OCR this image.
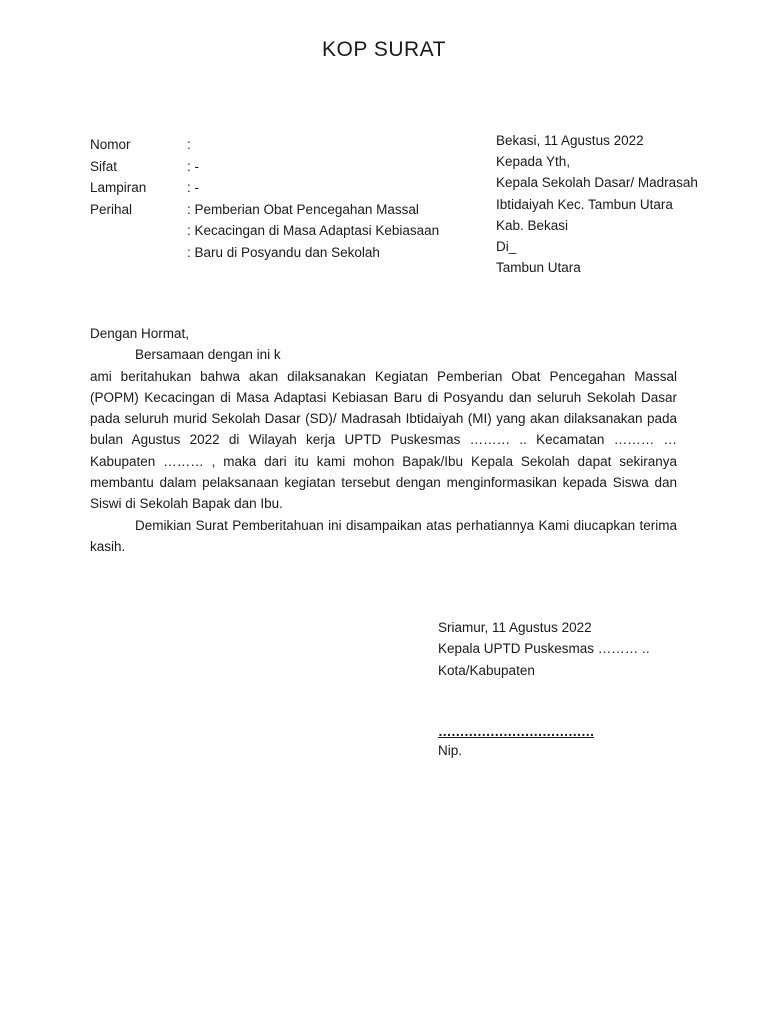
KOP SURAT
Nomor	:
Sifat	: -
Lampiran	: -
Perihal	: Pemberian Obat Pencegahan Massal
: Kecacingan di Masa Adaptasi Kebiasaan
: Baru di Posyandu dan Sekolah
Bekasi, 11 Agustus 2022
Kepada Yth,
Kepala Sekolah Dasar/ Madrasah
Ibtidaiyah Kec. Tambun Utara
Kab. Bekasi
Di_
Tambun Utara

Dengan Hormat,

Bersamaan dengan ini k

ami beritahukan bahwa akan dilaksanakan Kegiatan Pemberian Obat Pencegahan Massal (POPM) Kecacingan di Masa Adaptasi Kebiasan Baru di Posyandu dan seluruh Sekolah Dasar pada seluruh murid Sekolah Dasar (SD)/ Madrasah Ibtidaiyah (MI) yang akan dilaksanakan pada bulan Agustus 2022 di Wilayah kerja UPTD Puskesmas ……… .. Kecamatan ……… … Kabupaten ……… , maka dari itu kami mohon Bapak/Ibu Kepala Sekolah dapat sekiranya membantu dalam pelaksanaan kegiatan tersebut dengan menginformasikan kepada Siswa dan Siswi di Sekolah Bapak dan Ibu.

Demikian Surat Pemberitahuan ini disampaikan atas perhatiannya Kami diucapkan terima kasih.

Sriamur, 11 Agustus 2022
Kepala UPTD Puskesmas ……… ..
Kota/Kabupaten
………………………………
Nip.
